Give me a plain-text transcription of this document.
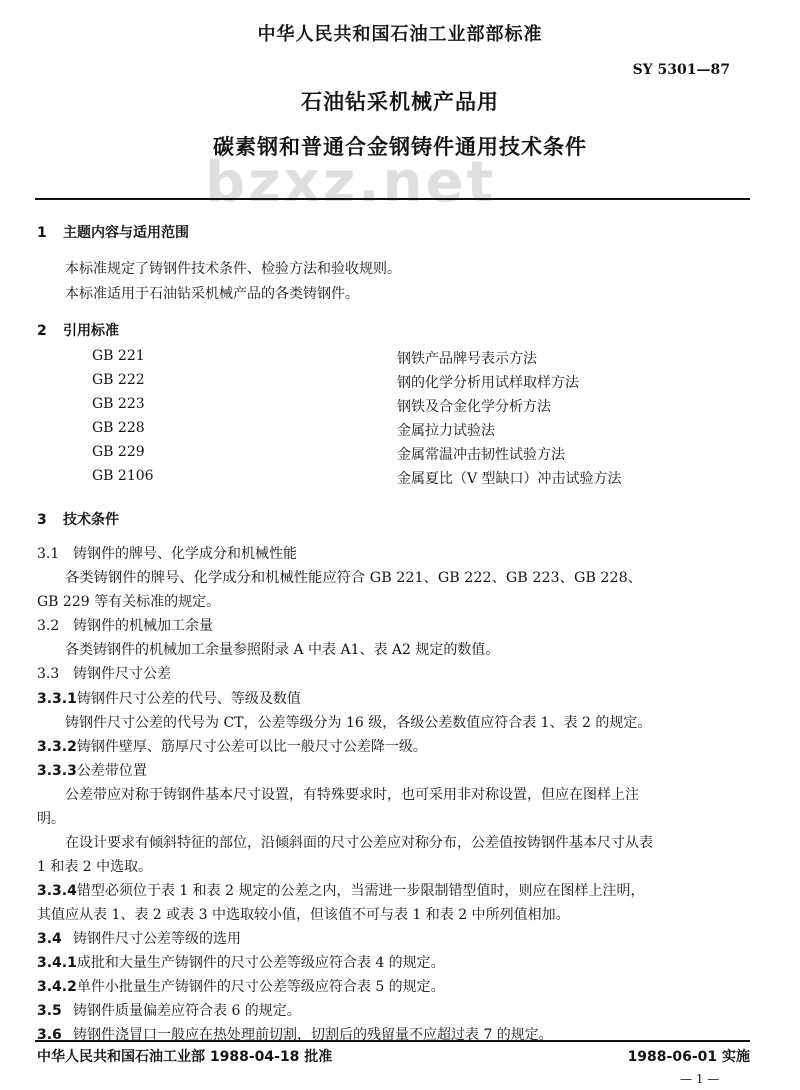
中华人民共和国石油工业部部标准
SY 5301—87
石油钻采机械产品用
碳素钢和普通合金钢铸件通用技术条件
bzxz.net
1 主题内容与适用范围
本标准规定了铸钢件技术条件、检验方法和验收规则。
本标准适用于石油钻采机械产品的各类铸钢件。
2 引用标准
GB 221	钢铁产品牌号表示方法
GB 222	钢的化学分析用试样取样方法
GB 223	钢铁及合金化学分析方法
GB 228	金属拉力试验法
GB 229	金属常温冲击韧性试验方法
GB 2106	金属夏比（V 型缺口）冲击试验方法
3 技术条件
3.1 铸钢件的牌号、化学成分和机械性能
各类铸钢件的牌号、化学成分和机械性能应符合 GB 221、GB 222、GB 223、GB 228、
GB 229 等有关标准的规定。
3.2 铸钢件的机械加工余量
各类铸钢件的机械加工余量参照附录 A 中表 A1、表 A2 规定的数值。
3.3 铸钢件尺寸公差
3.3.1铸钢件尺寸公差的代号、等级及数值
铸钢件尺寸公差的代号为 CT，公差等级分为 16 级，各级公差数值应符合表 1、表 2 的规定。
3.3.2铸钢件壁厚、筋厚尺寸公差可以比一般尺寸公差降一级。
3.3.3公差带位置
公差带应对称于铸钢件基本尺寸设置，有特殊要求时，也可采用非对称设置，但应在图样上注
明。
在设计要求有倾斜特征的部位，沿倾斜面的尺寸公差应对称分布，公差值按铸钢件基本尺寸从表
1 和表 2 中选取。
3.3.4错型必须位于表 1 和表 2 规定的公差之内，当需进一步限制错型值时，则应在图样上注明，
其值应从表 1、表 2 或表 3 中选取较小值，但该值不可与表 1 和表 2 中所列值相加。
3.4 铸钢件尺寸公差等级的选用
3.4.1成批和大量生产铸钢件的尺寸公差等级应符合表 4 的规定。
3.4.2单件小批量生产铸钢件的尺寸公差等级应符合表 5 的规定。
3.5 铸钢件质量偏差应符合表 6 的规定。
3.6 铸钢件浇冒口一般应在热处理前切割，切割后的残留量不应超过表 7 的规定。
中华人民共和国石油工业部 1988-04-18 批准	1988-06-01 实施
— 1 —
